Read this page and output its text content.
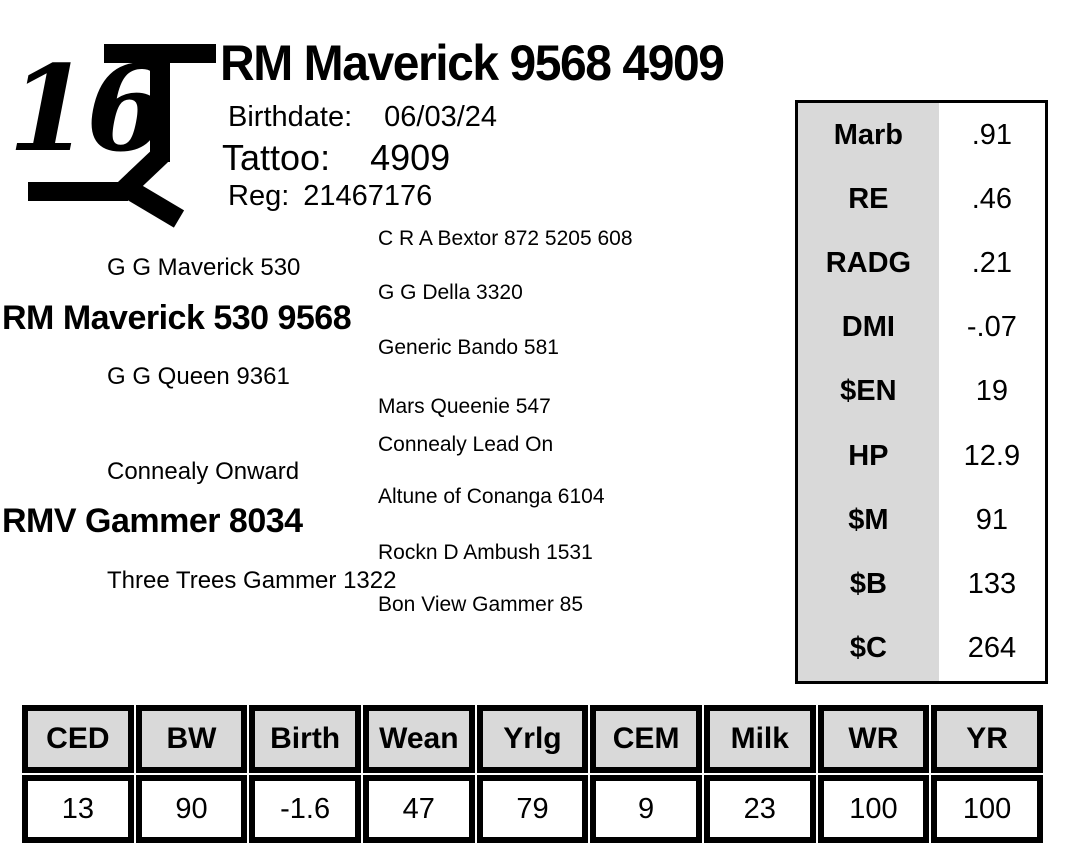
16 RM Maverick 9568 4909
Birthdate: 06/03/24
Tattoo: 4909
Reg: 21467176
C R A Bextor 872 5205 608
G G Maverick 530
G G Della 3320
RM Maverick 530 9568
Generic Bando 581
G G Queen 9361
Mars Queenie 547
Connealy Lead On
Connealy Onward
Altune of Conanga 6104
RMV Gammer 8034
Rockn D Ambush 1531
Three Trees Gammer 1322
Bon View Gammer 85
Marb	.91
RE	.46
RADG	.21
DMI	-.07
$EN	19
HP	12.9
$M	91
$B	133
$C	264
CED	BW	Birth	Wean	Yrlg	CEM	Milk	WR	YR
13	90	-1.6	47	79	9	23	100	100
